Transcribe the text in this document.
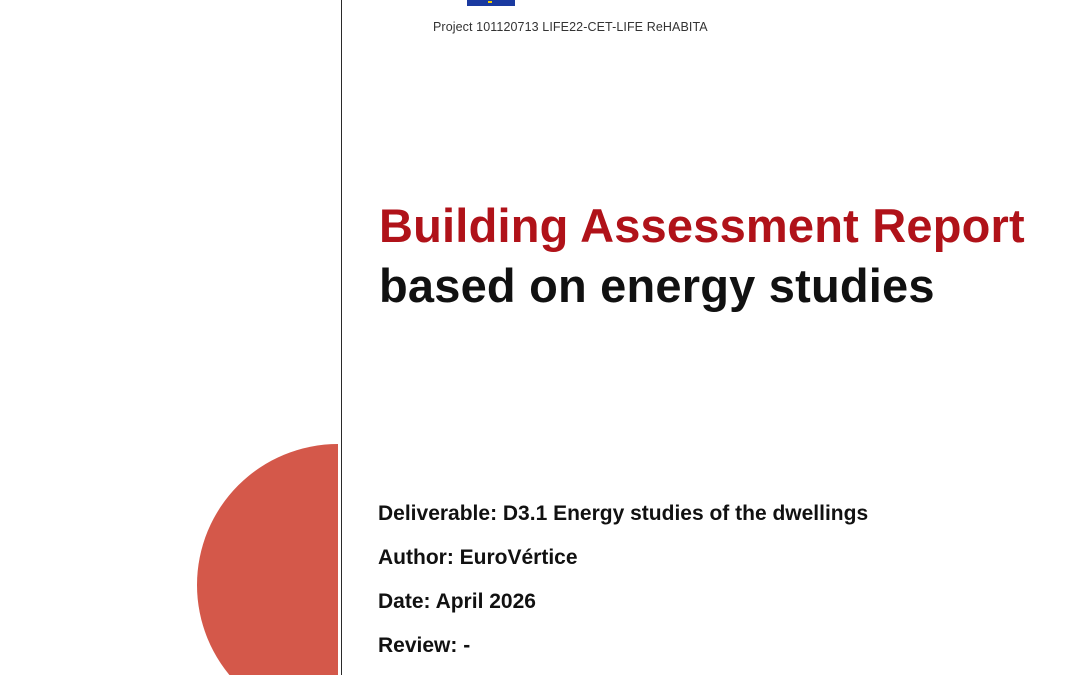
Project 101120713 LIFE22-CET-LIFE ReHABITA
Building Assessment Report
based on energy studies
Deliverable: D3.1 Energy studies of the dwellings
Author: EuroVértice
Date: April 2026
Review: -
